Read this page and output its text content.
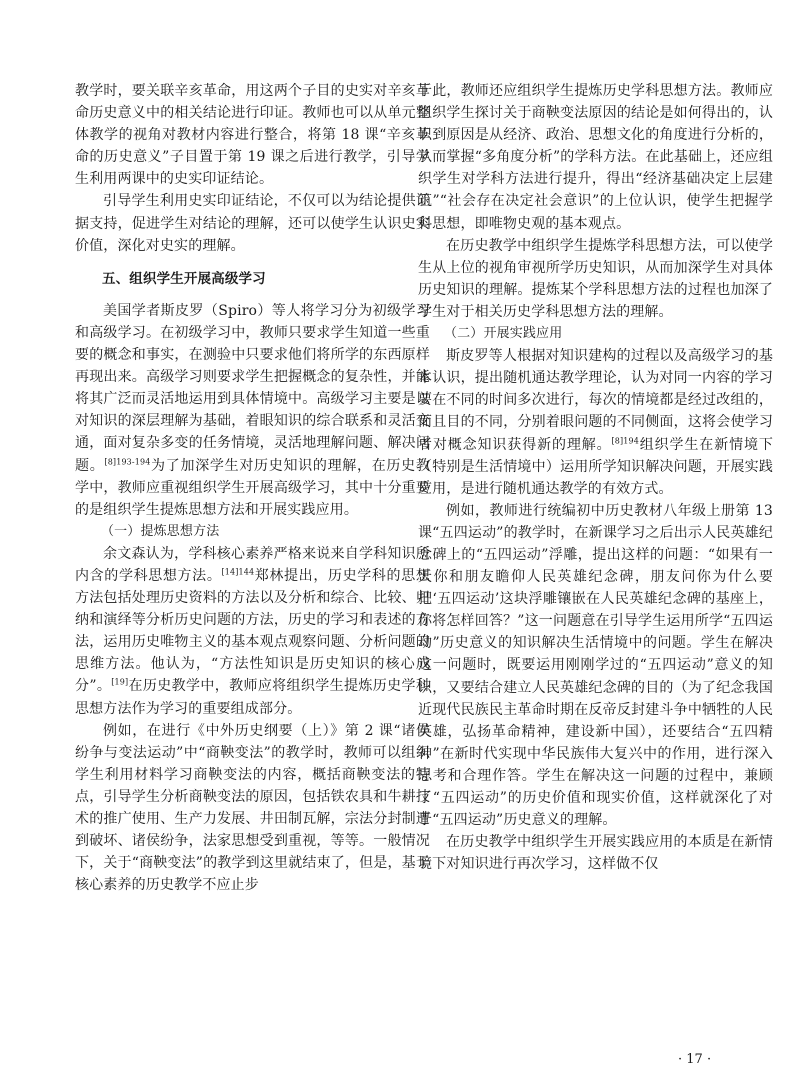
教学时，要关联辛亥革命，用这两个子目的史实对辛亥革命历史意义中的相关结论进行印证。教师也可以从单元整体教学的视角对教材内容进行整合，将第 18 课“辛亥革命的历史意义”子目置于第 19 课之后进行教学，引导学生利用两课中的史实印证结论。

引导学生利用史实印证结论，不仅可以为结论提供证据支持，促进学生对结论的理解，还可以使学生认识史实价值，深化对史实的理解。

五、组织学生开展高级学习

美国学者斯皮罗（Spiro）等人将学习分为初级学习和高级学习。在初级学习中，教师只要求学生知道一些重要的概念和事实，在测验中只要求他们将所学的东西原样再现出来。高级学习则要求学生把握概念的复杂性，并能将其广泛而灵活地运用到具体情境中。高级学习主要是以对知识的深层理解为基础，着眼知识的综合联系和灵活变通，面对复杂多变的任务情境，灵活地理解问题、解决问题。$^{[8]193-194}$为了加深学生对历史知识的理解，在历史教学中，教师应重视组织学生开展高级学习，其中十分重要的是组织学生提炼思想方法和开展实践应用。

（一）提炼思想方法

余文森认为，学科核心素养严格来说来自学科知识所内含的学科思想方法。$^{[14]144}$郑林提出，历史学科的思想方法包括处理历史资料的方法以及分析和综合、比较、归纳和演绎等分析历史问题的方法，历史的学习和表述的方法，运用历史唯物主义的基本观点观察问题、分析问题的思维方法。他认为，“方法性知识是历史知识的核心成分”。[19]在历史教学中，教师应将组织学生提炼历史学科思想方法作为学习的重要组成部分。

例如，在进行《中外历史纲要（上）》第 2 课“诸侯纷争与变法运动”中“商鞅变法”的教学时，教师可以组织学生利用材料学习商鞅变法的内容，概括商鞅变法的特点，引导学生分析商鞅变法的原因，包括铁农具和牛耕技术的推广使用、生产力发展、井田制瓦解，宗法分封制遭到破坏、诸侯纷争，法家思想受到重视，等等。一般情况下，关于“商鞅变法”的教学到这里就结束了，但是，基于核心素养的历史教学不应止步

于此，教师还应组织学生提炼历史学科思想方法。教师应组织学生探讨关于商鞅变法原因的结论是如何得出的，认识到原因是从经济、政治、思想文化的角度进行分析的，从而掌握“多角度分析”的学科方法。在此基础上，还应组织学生对学科方法进行提升，得出“经济基础决定上层建筑”“社会存在决定社会意识”的上位认识，使学生把握学科思想，即唯物史观的基本观点。

在历史教学中组织学生提炼学科思想方法，可以使学生从上位的视角审视所学历史知识，从而加深学生对具体历史知识的理解。提炼某个学科思想方法的过程也加深了学生对于相关历史学科思想方法的理解。

（二）开展实践应用

斯皮罗等人根据对知识建构的过程以及高级学习的基本认识，提出随机通达教学理论，认为对同一内容的学习要在不同的时间多次进行，每次的情境都是经过改组的，而且目的不同，分别着眼问题的不同侧面，这将会使学习者对概念知识获得新的理解。$^{[8]194}$组织学生在新情境下（特别是生活情境中）运用所学知识解决问题，开展实践应用，是进行随机通达教学的有效方式。

例如，教师进行统编初中历史教材八年级上册第 13 课“五四运动”的教学时，在新课学习之后出示人民英雄纪念碑上的“五四运动”浮雕，提出这样的问题：“如果有一天你和朋友瞻仰人民英雄纪念碑，朋友问你为什么要把‘五四运动’这块浮雕镶嵌在人民英雄纪念碑的基座上，你将怎样回答？”这一问题意在引导学生运用所学“五四运动”历史意义的知识解决生活情境中的问题。学生在解决这一问题时，既要运用刚刚学过的“五四运动”意义的知识，又要结合建立人民英雄纪念碑的目的（为了纪念我国近现代民族民主革命时期在反帝反封建斗争中牺牲的人民英雄，弘扬革命精神，建设新中国），还要结合“五四精神”在新时代实现中华民族伟大复兴中的作用，进行深入思考和合理作答。学生在解决这一问题的过程中，兼顾了“五四运动”的历史价值和现实价值，这样就深化了对于“五四运动”历史意义的理解。

在历史教学中组织学生开展实践应用的本质是在新情境下对知识进行再次学习，这样做不仅

· 17 ·
